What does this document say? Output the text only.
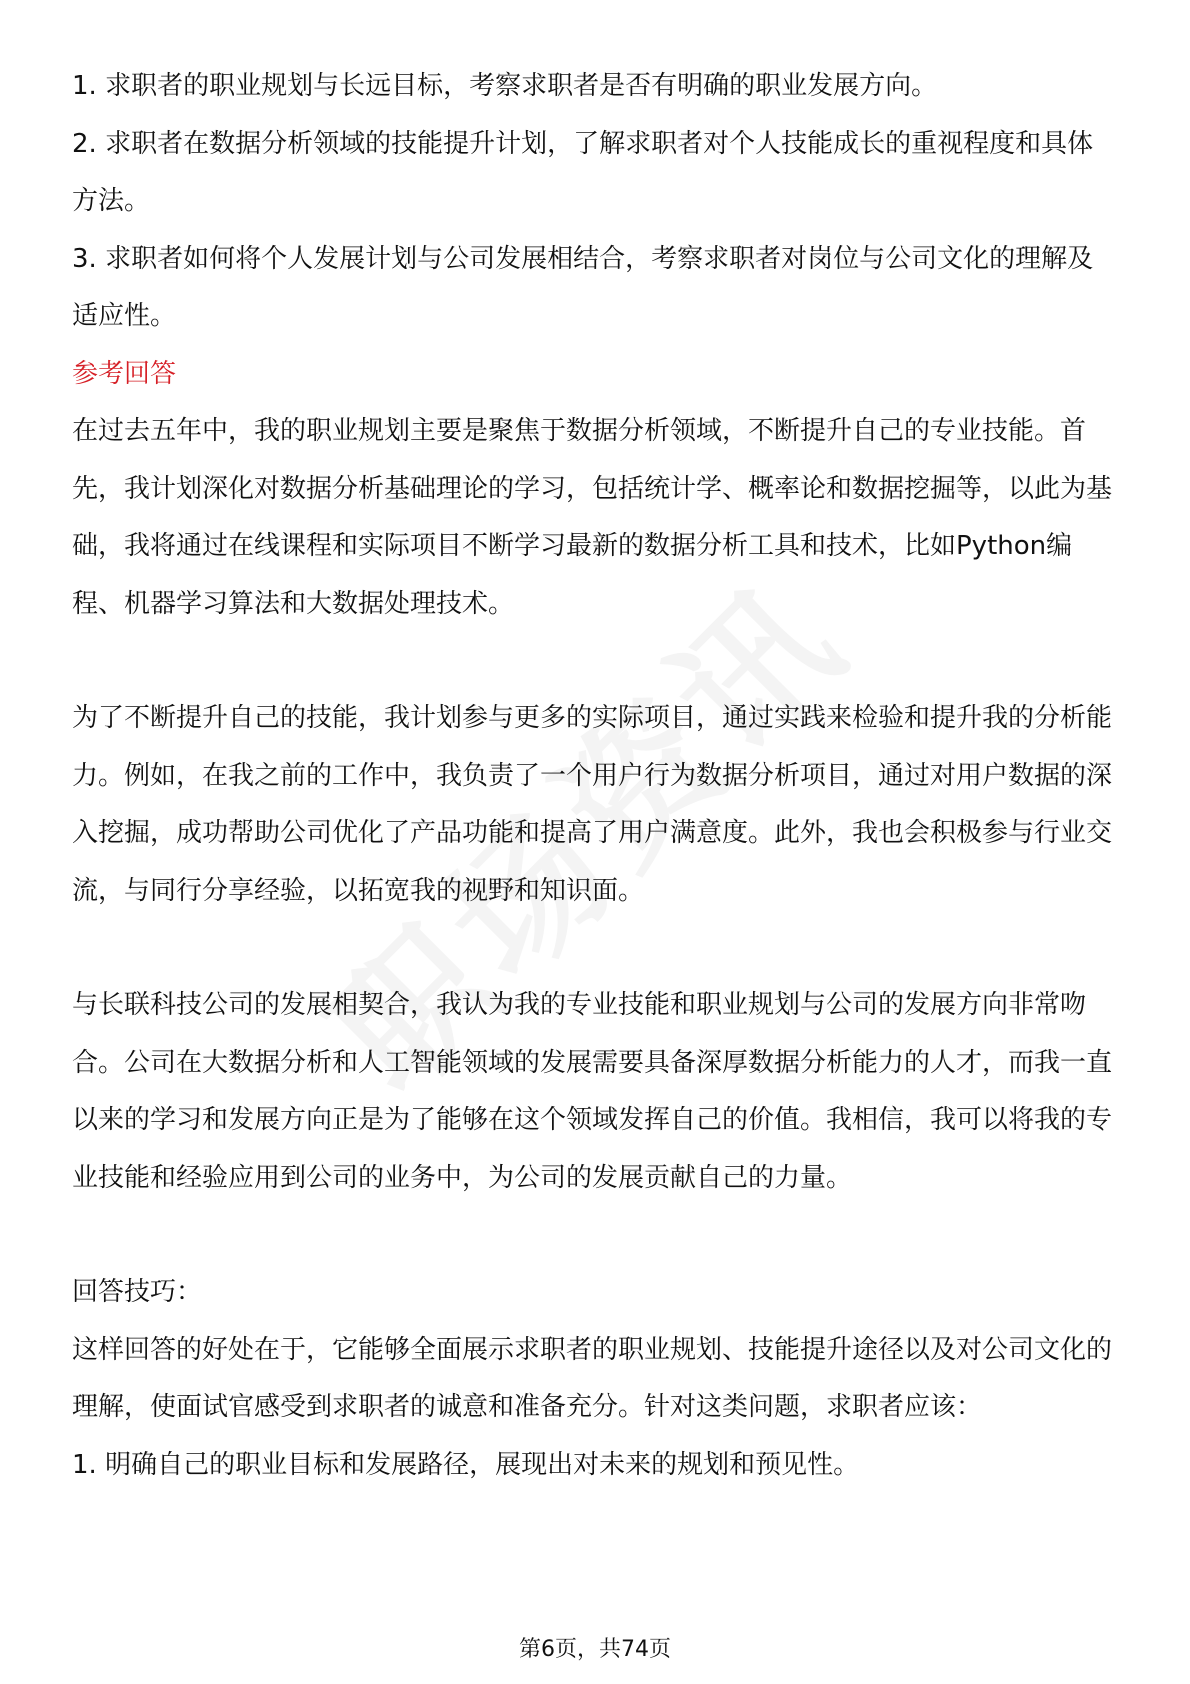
1. 求职者的职业规划与长远目标，考察求职者是否有明确的职业发展方向。

2. 求职者在数据分析领域的技能提升计划，了解求职者对个人技能成长的重视程度和具体方法。

3. 求职者如何将个人发展计划与公司发展相结合，考察求职者对岗位与公司文化的理解及适应性。

参考回答

在过去五年中，我的职业规划主要是聚焦于数据分析领域，不断提升自己的专业技能。首先，我计划深化对数据分析基础理论的学习，包括统计学、概率论和数据挖掘等，以此为基础，我将通过在线课程和实际项目不断学习最新的数据分析工具和技术，比如Python编程、机器学习算法和大数据处理技术。

为了不断提升自己的技能，我计划参与更多的实际项目，通过实践来检验和提升我的分析能力。例如，在我之前的工作中，我负责了一个用户行为数据分析项目，通过对用户数据的深入挖掘，成功帮助公司优化了产品功能和提高了用户满意度。此外，我也会积极参与行业交流，与同行分享经验，以拓宽我的视野和知识面。

与长联科技公司的发展相契合，我认为我的专业技能和职业规划与公司的发展方向非常吻合。公司在大数据分析和人工智能领域的发展需要具备深厚数据分析能力的人才，而我一直以来的学习和发展方向正是为了能够在这个领域发挥自己的价值。我相信，我可以将我的专业技能和经验应用到公司的业务中，为公司的发展贡献自己的力量。

回答技巧：

这样回答的好处在于，它能够全面展示求职者的职业规划、技能提升途径以及对公司文化的理解，使面试官感受到求职者的诚意和准备充分。针对这类问题，求职者应该：

1. 明确自己的职业目标和发展路径，展现出对未来的规划和预见性。

第6页，共74页
